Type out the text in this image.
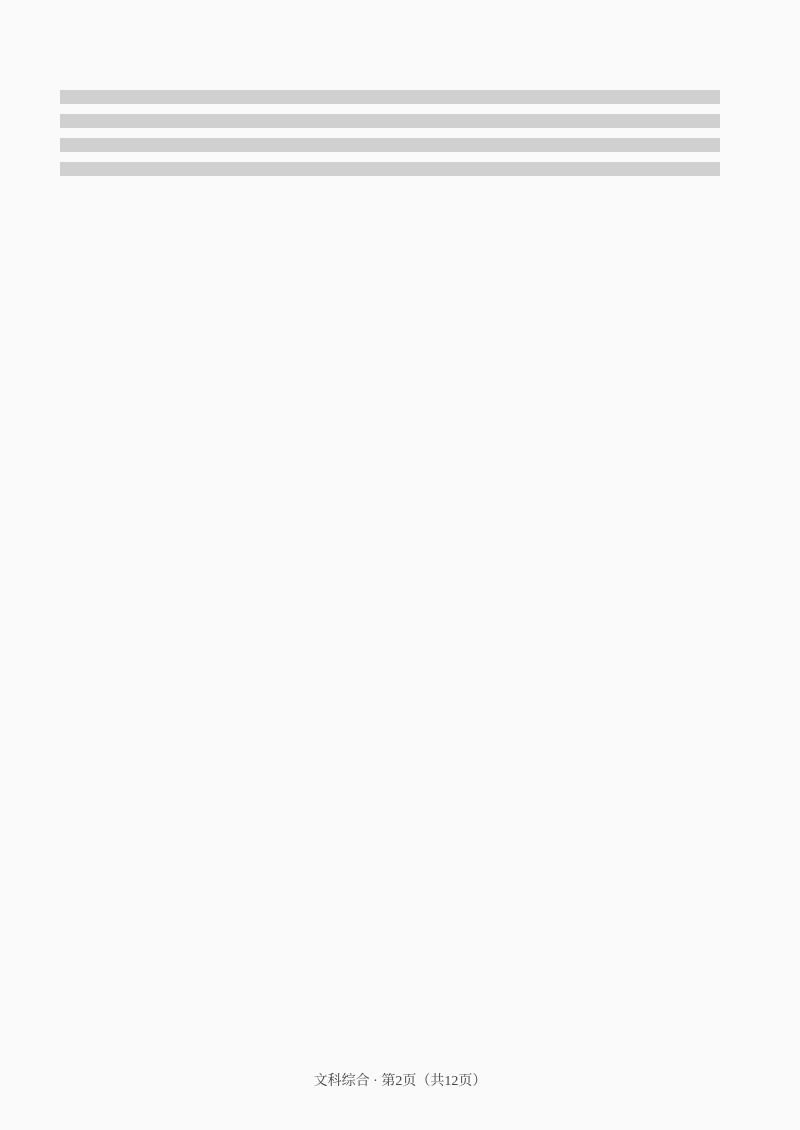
文科综合 · 第2页（共12页）
